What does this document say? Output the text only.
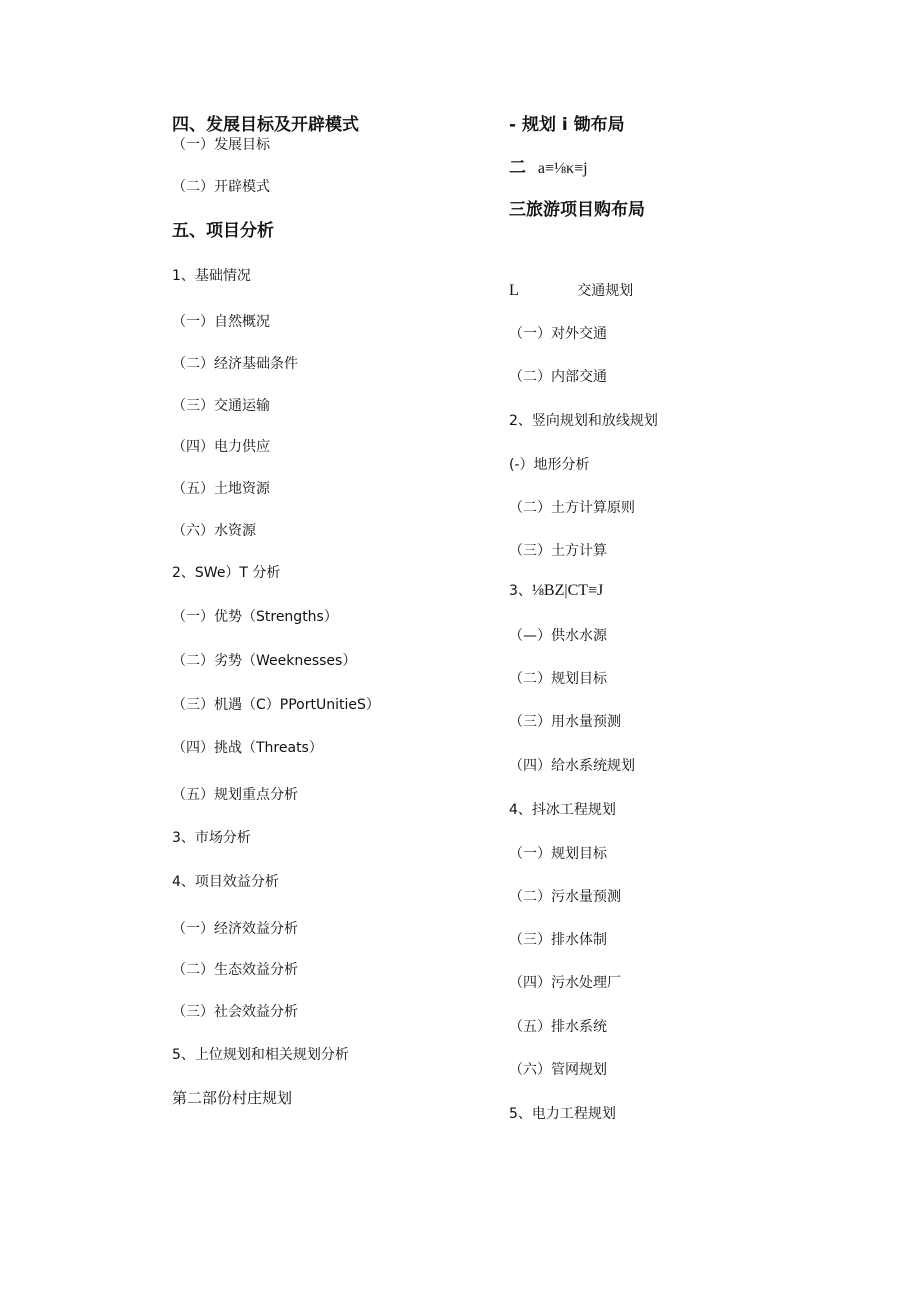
四、发展目标及开辟模式
（一）发展目标
（二）开辟模式
五、项目分析
1、基础情况
（一）自然概况
（二）经济基础条件
（三）交通运输
（四）电力供应
（五）土地资源
（六）水资源
2、SWe）T 分析
（一）优势（Strengths）
（二）劣势（Weeknesses）
（三）机遇（C）PPortUnitieS）
（四）挑战（Threats）
（五）规划重点分析
3、市场分析
4、项目效益分析
（一）经济效益分析
（二）生态效益分析
（三）社会效益分析
5、上位规划和相关规划分析
第二部份村庄规划
- 规划 i 锄布局
二 a≡⅛κ≡j
三旅游项目购布局
L	交通规划
（一）对外交通
（二）内部交通
2、竖向规划和放线规划
(-）地形分析
（二）土方计算原则
（三）土方计算
3、⅛BZ|CT≡J
（—）供水水源
（二）规划目标
（三）用水量预测
（四）给水系统规划
4、抖冰工程规划
（一）规划目标
（二）污水量预测
（三）排水体制
（四）污水处理厂
（五）排水系统
（六）管网规划
5、电力工程规划
